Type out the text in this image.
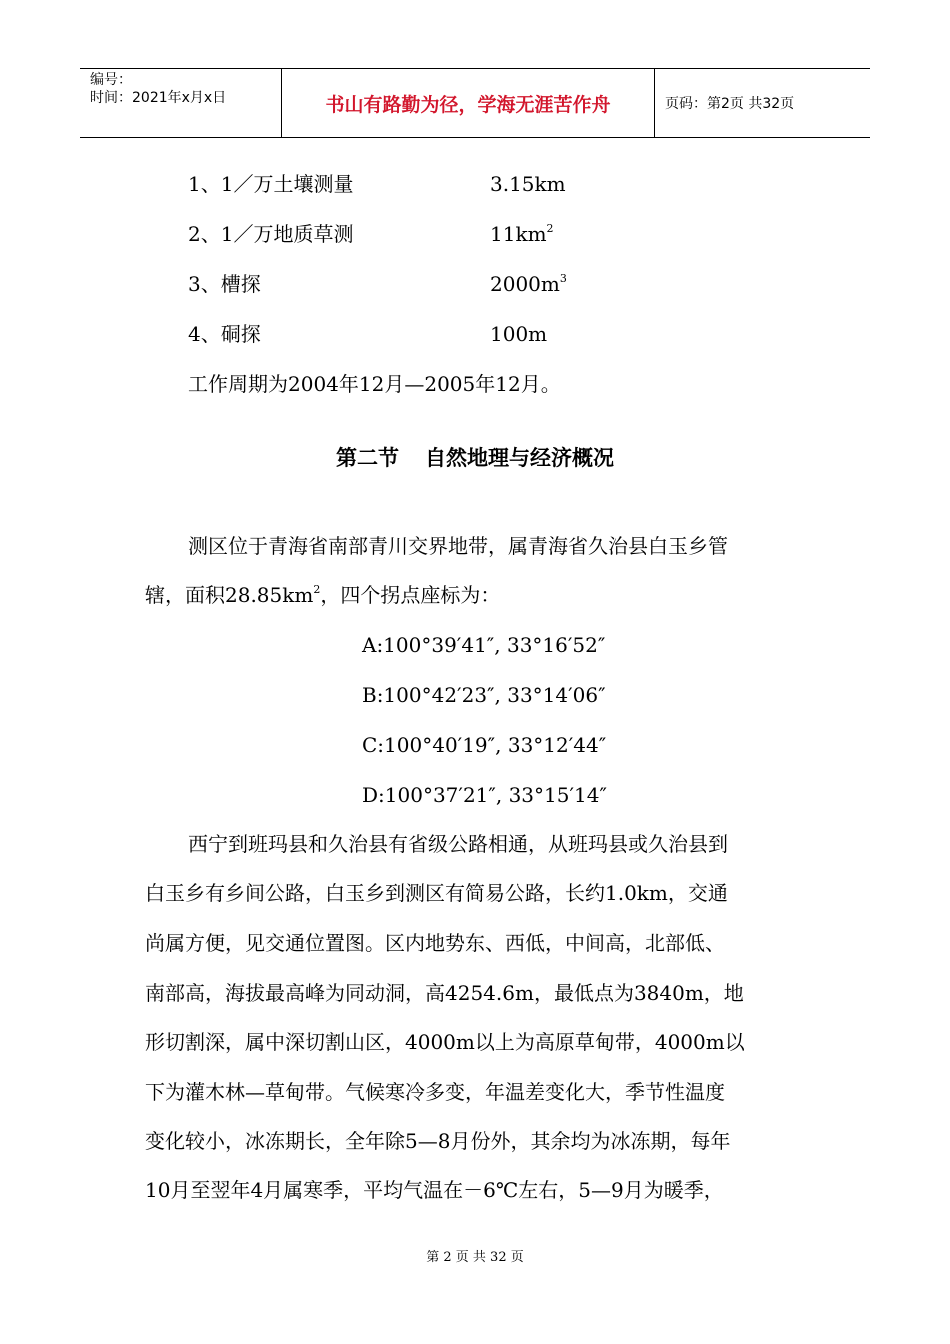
编号：
时间：2021年x月x日	书山有路勤为径，学海无涯苦作舟	页码：第2页 共32页
1、1／万土壤测量	3.15km
2、1／万地质草测	$11km^2$
3、槽探	$2000m^3$
4、硐探	100m
工作周期为2004年12月—2005年12月。
第二节 自然地理与经济概况
测区位于青海省南部青川交界地带，属青海省久治县白玉乡管
辖，面积$28.85km^2$，四个拐点座标为：
A:100°39′41″, 33°16′52″
B:100°42′23″, 33°14′06″
C:100°40′19″, 33°12′44″
D:100°37′21″, 33°15′14″
西宁到班玛县和久治县有省级公路相通，从班玛县或久治县到
白玉乡有乡间公路，白玉乡到测区有简易公路，长约1.0km，交通
尚属方便，见交通位置图。区内地势东、西低，中间高，北部低、
南部高，海拔最高峰为同动洞，高4254.6m，最低点为3840m，地
形切割深，属中深切割山区，4000m以上为高原草甸带，4000m以
下为灌木林—草甸带。气候寒冷多变，年温差变化大，季节性温度
变化较小，冰冻期长，全年除5—8月份外，其余均为冰冻期，每年
10月至翌年4月属寒季，平均气温在－6℃左右，5—9月为暖季，
第 2 页 共 32 页
